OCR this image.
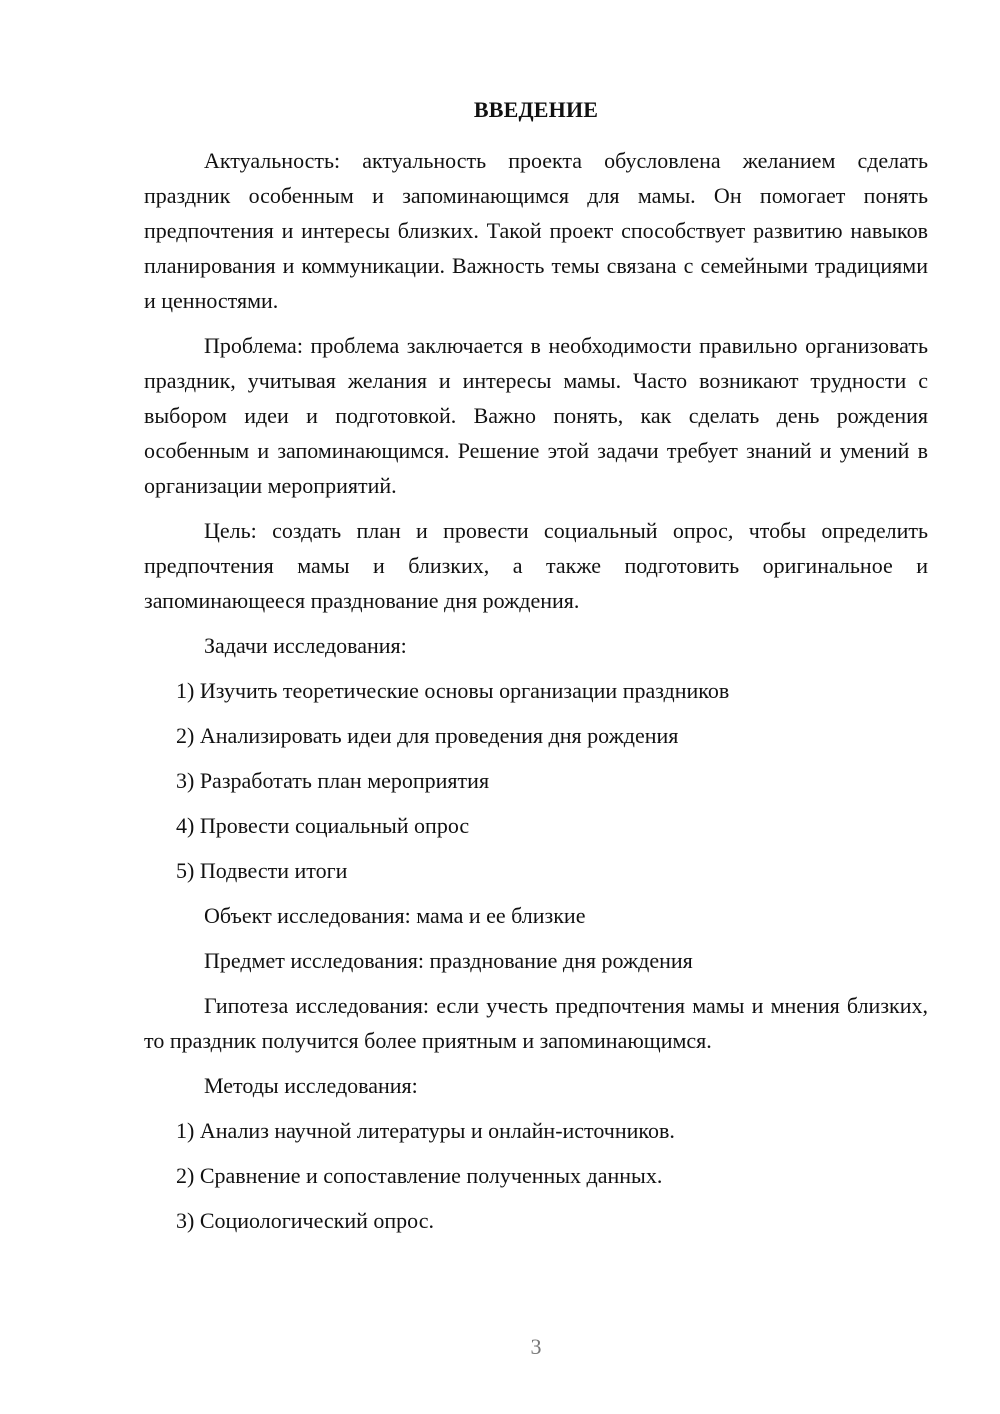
ВВЕДЕНИЕ

Актуальность: актуальность проекта обусловлена желанием сделать праздник особенным и запоминающимся для мамы. Он помогает понять предпочтения и интересы близких. Такой проект способствует развитию навыков планирования и коммуникации. Важность темы связана с семейными традициями и ценностями.

Проблема: проблема заключается в необходимости правильно организовать праздник, учитывая желания и интересы мамы. Часто возникают трудности с выбором идеи и подготовкой. Важно понять, как сделать день рождения особенным и запоминающимся. Решение этой задачи требует знаний и умений в организации мероприятий.

Цель: создать план и провести социальный опрос, чтобы определить предпочтения мамы и близких, а также подготовить оригинальное и запоминающееся празднование дня рождения.

Задачи исследования:
1) Изучить теоретические основы организации праздников
2) Анализировать идеи для проведения дня рождения
3) Разработать план мероприятия
4) Провести социальный опрос
5) Подвести итоги
Объект исследования: мама и ее близкие
Предмет исследования: празднование дня рождения

Гипотеза исследования: если учесть предпочтения мамы и мнения близких, то праздник получится более приятным и запоминающимся.

Методы исследования:
1) Анализ научной литературы и онлайн-источников.
2) Сравнение и сопоставление полученных данных.
3) Социологический опрос.
3
